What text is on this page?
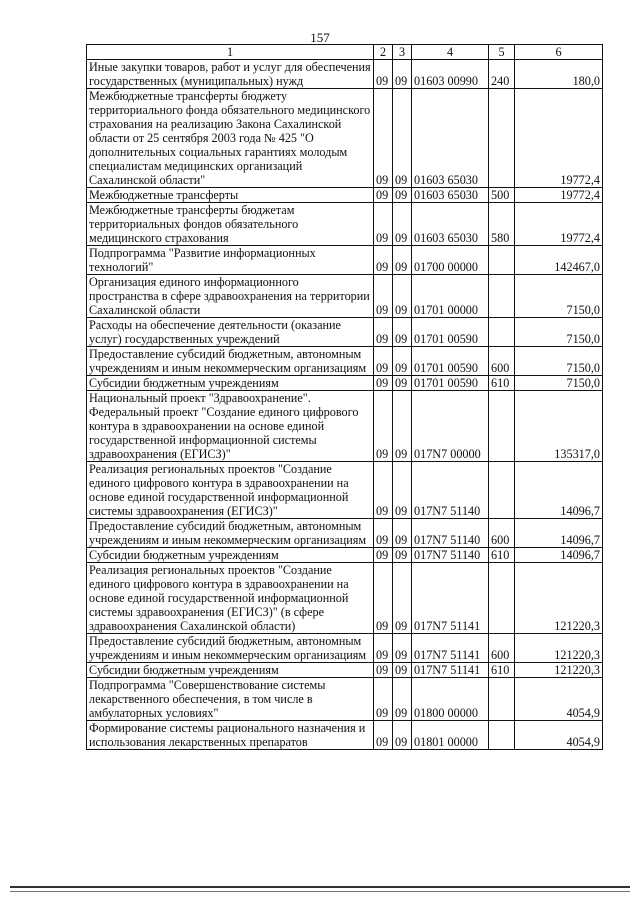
157
1	2	3	4	5	6
Иные закупки товаров, работ и услуг для обеспечения государственных (муниципальных) нужд	09	09	01603 00990	240	180,0
Межбюджетные трансферты бюджету территориального фонда обязательного медицинского страхования на реализацию Закона Сахалинской области от 25 сентября 2003 года № 425 "О дополнительных социальных гарантиях молодым специалистам медицинских организаций Сахалинской области"	09	09	01603 65030		19772,4
Межбюджетные трансферты	09	09	01603 65030	500	19772,4
Межбюджетные трансферты бюджетам территориальных фондов обязательного медицинского страхования	09	09	01603 65030	580	19772,4
Подпрограмма "Развитие информационных технологий"	09	09	01700 00000		142467,0
Организация единого информационного пространства в сфере здравоохранения на территории Сахалинской области	09	09	01701 00000		7150,0
Расходы на обеспечение деятельности (оказание услуг) государственных учреждений	09	09	01701 00590		7150,0
Предоставление субсидий бюджетным, автономным учреждениям и иным некоммерческим организациям	09	09	01701 00590	600	7150,0
Субсидии бюджетным учреждениям	09	09	01701 00590	610	7150,0
Национальный проект "Здравоохранение". Федеральный проект "Создание единого цифрового контура в здравоохранении на основе единой государственной информационной системы здравоохранения (ЕГИСЗ)"	09	09	017N7 00000		135317,0
Реализация региональных проектов "Создание единого цифрового контура в здравоохранении на основе единой государственной информационной системы здравоохранения (ЕГИСЗ)"	09	09	017N7 51140		14096,7
Предоставление субсидий бюджетным, автономным учреждениям и иным некоммерческим организациям	09	09	017N7 51140	600	14096,7
Субсидии бюджетным учреждениям	09	09	017N7 51140	610	14096,7
Реализация региональных проектов "Создание единого цифрового контура в здравоохранении на основе единой государственной информационной системы здравоохранения (ЕГИСЗ)" (в сфере здравоохранения Сахалинской области)	09	09	017N7 51141		121220,3
Предоставление субсидий бюджетным, автономным учреждениям и иным некоммерческим организациям	09	09	017N7 51141	600	121220,3
Субсидии бюджетным учреждениям	09	09	017N7 51141	610	121220,3
Подпрограмма "Совершенствование системы лекарственного обеспечения, в том числе в амбулаторных условиях"	09	09	01800 00000		4054,9
Формирование системы рационального назначения и использования лекарственных препаратов	09	09	01801 00000		4054,9
